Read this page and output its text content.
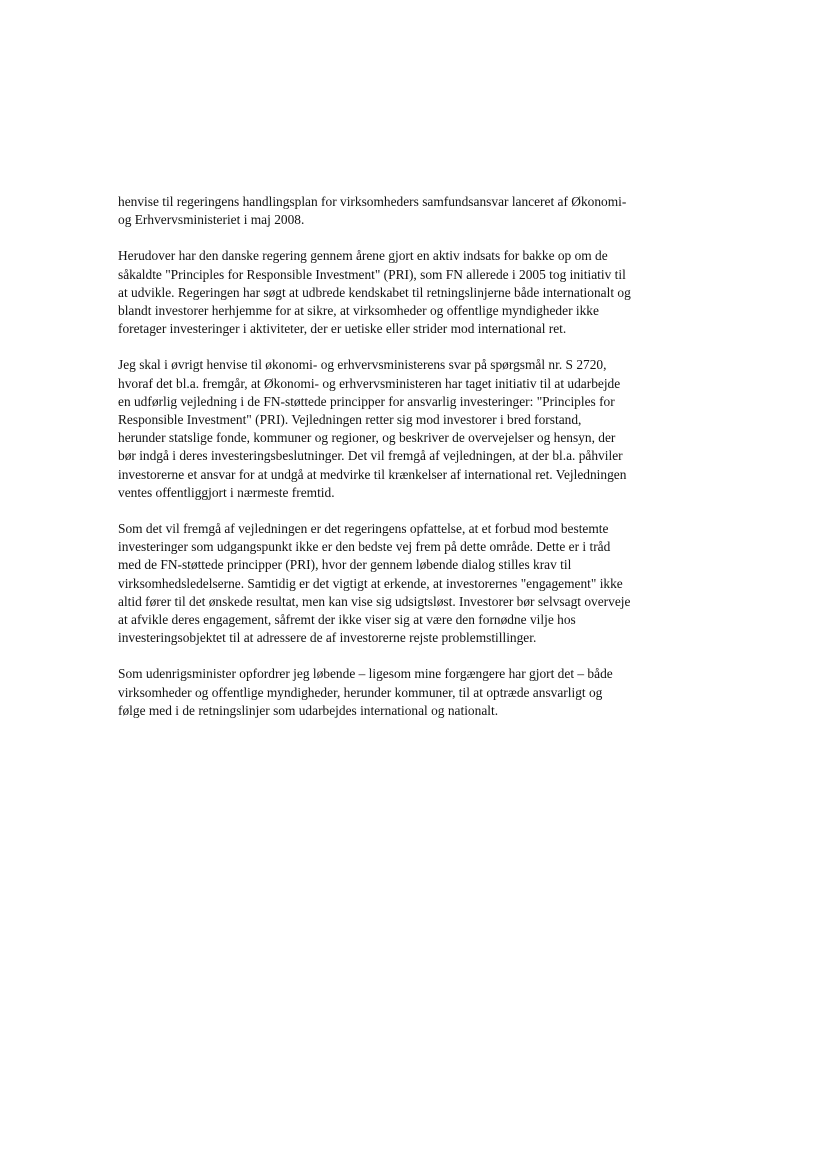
henvise til regeringens handlingsplan for virksomheders samfundsansvar lanceret af Økonomi-
og Erhvervsministeriet i maj 2008.

Herudover har den danske regering gennem årene gjort en aktiv indsats for bakke op om de
såkaldte "Principles for Responsible Investment" (PRI), som FN allerede i 2005 tog initiativ til
at udvikle. Regeringen har søgt at udbrede kendskabet til retningslinjerne både internationalt og
blandt investorer herhjemme for at sikre, at virksomheder og offentlige myndigheder ikke
foretager investeringer i aktiviteter, der er uetiske eller strider mod international ret.

Jeg skal i øvrigt henvise til økonomi- og erhvervsministerens svar på spørgsmål nr. S 2720,
hvoraf det bl.a. fremgår, at Økonomi- og erhvervsministeren har taget initiativ til at udarbejde
en udførlig vejledning i de FN-støttede principper for ansvarlig investeringer: "Principles for
Responsible Investment" (PRI). Vejledningen retter sig mod investorer i bred forstand,
herunder statslige fonde, kommuner og regioner, og beskriver de overvejelser og hensyn, der
bør indgå i deres investeringsbeslutninger. Det vil fremgå af vejledningen, at der bl.a. påhviler
investorerne et ansvar for at undgå at medvirke til krænkelser af international ret. Vejledningen
ventes offentliggjort i nærmeste fremtid.

Som det vil fremgå af vejledningen er det regeringens opfattelse, at et forbud mod bestemte
investeringer som udgangspunkt ikke er den bedste vej frem på dette område. Dette er i tråd
med de FN-støttede principper (PRI), hvor der gennem løbende dialog stilles krav til
virksomhedsledelserne. Samtidig er det vigtigt at erkende, at investorernes "engagement" ikke
altid fører til det ønskede resultat, men kan vise sig udsigtsløst. Investorer bør selvsagt overveje
at afvikle deres engagement, såfremt der ikke viser sig at være den fornødne vilje hos
investeringsobjektet til at adressere de af investorerne rejste problemstillinger.

Som udenrigsminister opfordrer jeg løbende – ligesom mine forgængere har gjort det – både
virksomheder og offentlige myndigheder, herunder kommuner, til at optræde ansvarligt og
følge med i de retningslinjer som udarbejdes international og nationalt.
